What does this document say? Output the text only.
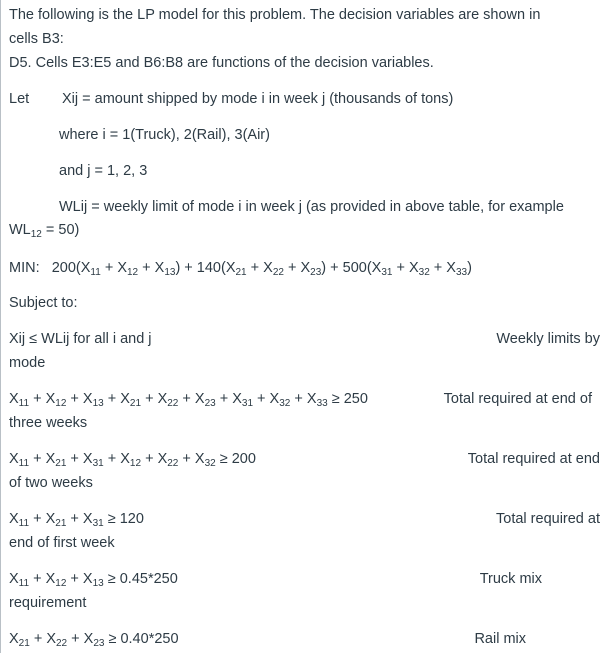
The following is the LP model for this problem. The decision variables are shown in
cells B3:
D5. Cells E3:E5 and B6:B8 are functions of the decision variables.
Let Xij = amount shipped by mode i in week j (thousands of tons)
where i = 1(Truck), 2(Rail), 3(Air)
and j = 1, 2, 3
WLij = weekly limit of mode i in week j (as provided in above table, for example
$WL_{12} = 50$)
MIN: $200(X_{11} + X_{12} + X_{13}) + 140(X_{21} + X_{22} + X_{23}) + 500(X_{31} + X_{32} + X_{33})$
Subject to:
Xij ≤ WLij for all i and j	Weekly limits by
mode
$X_{11} + X_{12} + X_{13} + X_{21} + X_{22} + X_{23} + X_{31} + X_{32} + X_{33} \ge 250$	Total required at end of
three weeks
$X_{11} + X_{21} + X_{31} + X_{12} + X_{22} + X_{32} \ge 200$	Total required at end
of two weeks
$X_{11} + X_{21} + X_{31} \ge 120$	Total required at
end of first week
$X_{11} + X_{12} + X_{13} \ge 0.45*250$	Truck mix
requirement
$X_{21} + X_{22} + X_{23} \ge 0.40*250$	Rail mix
